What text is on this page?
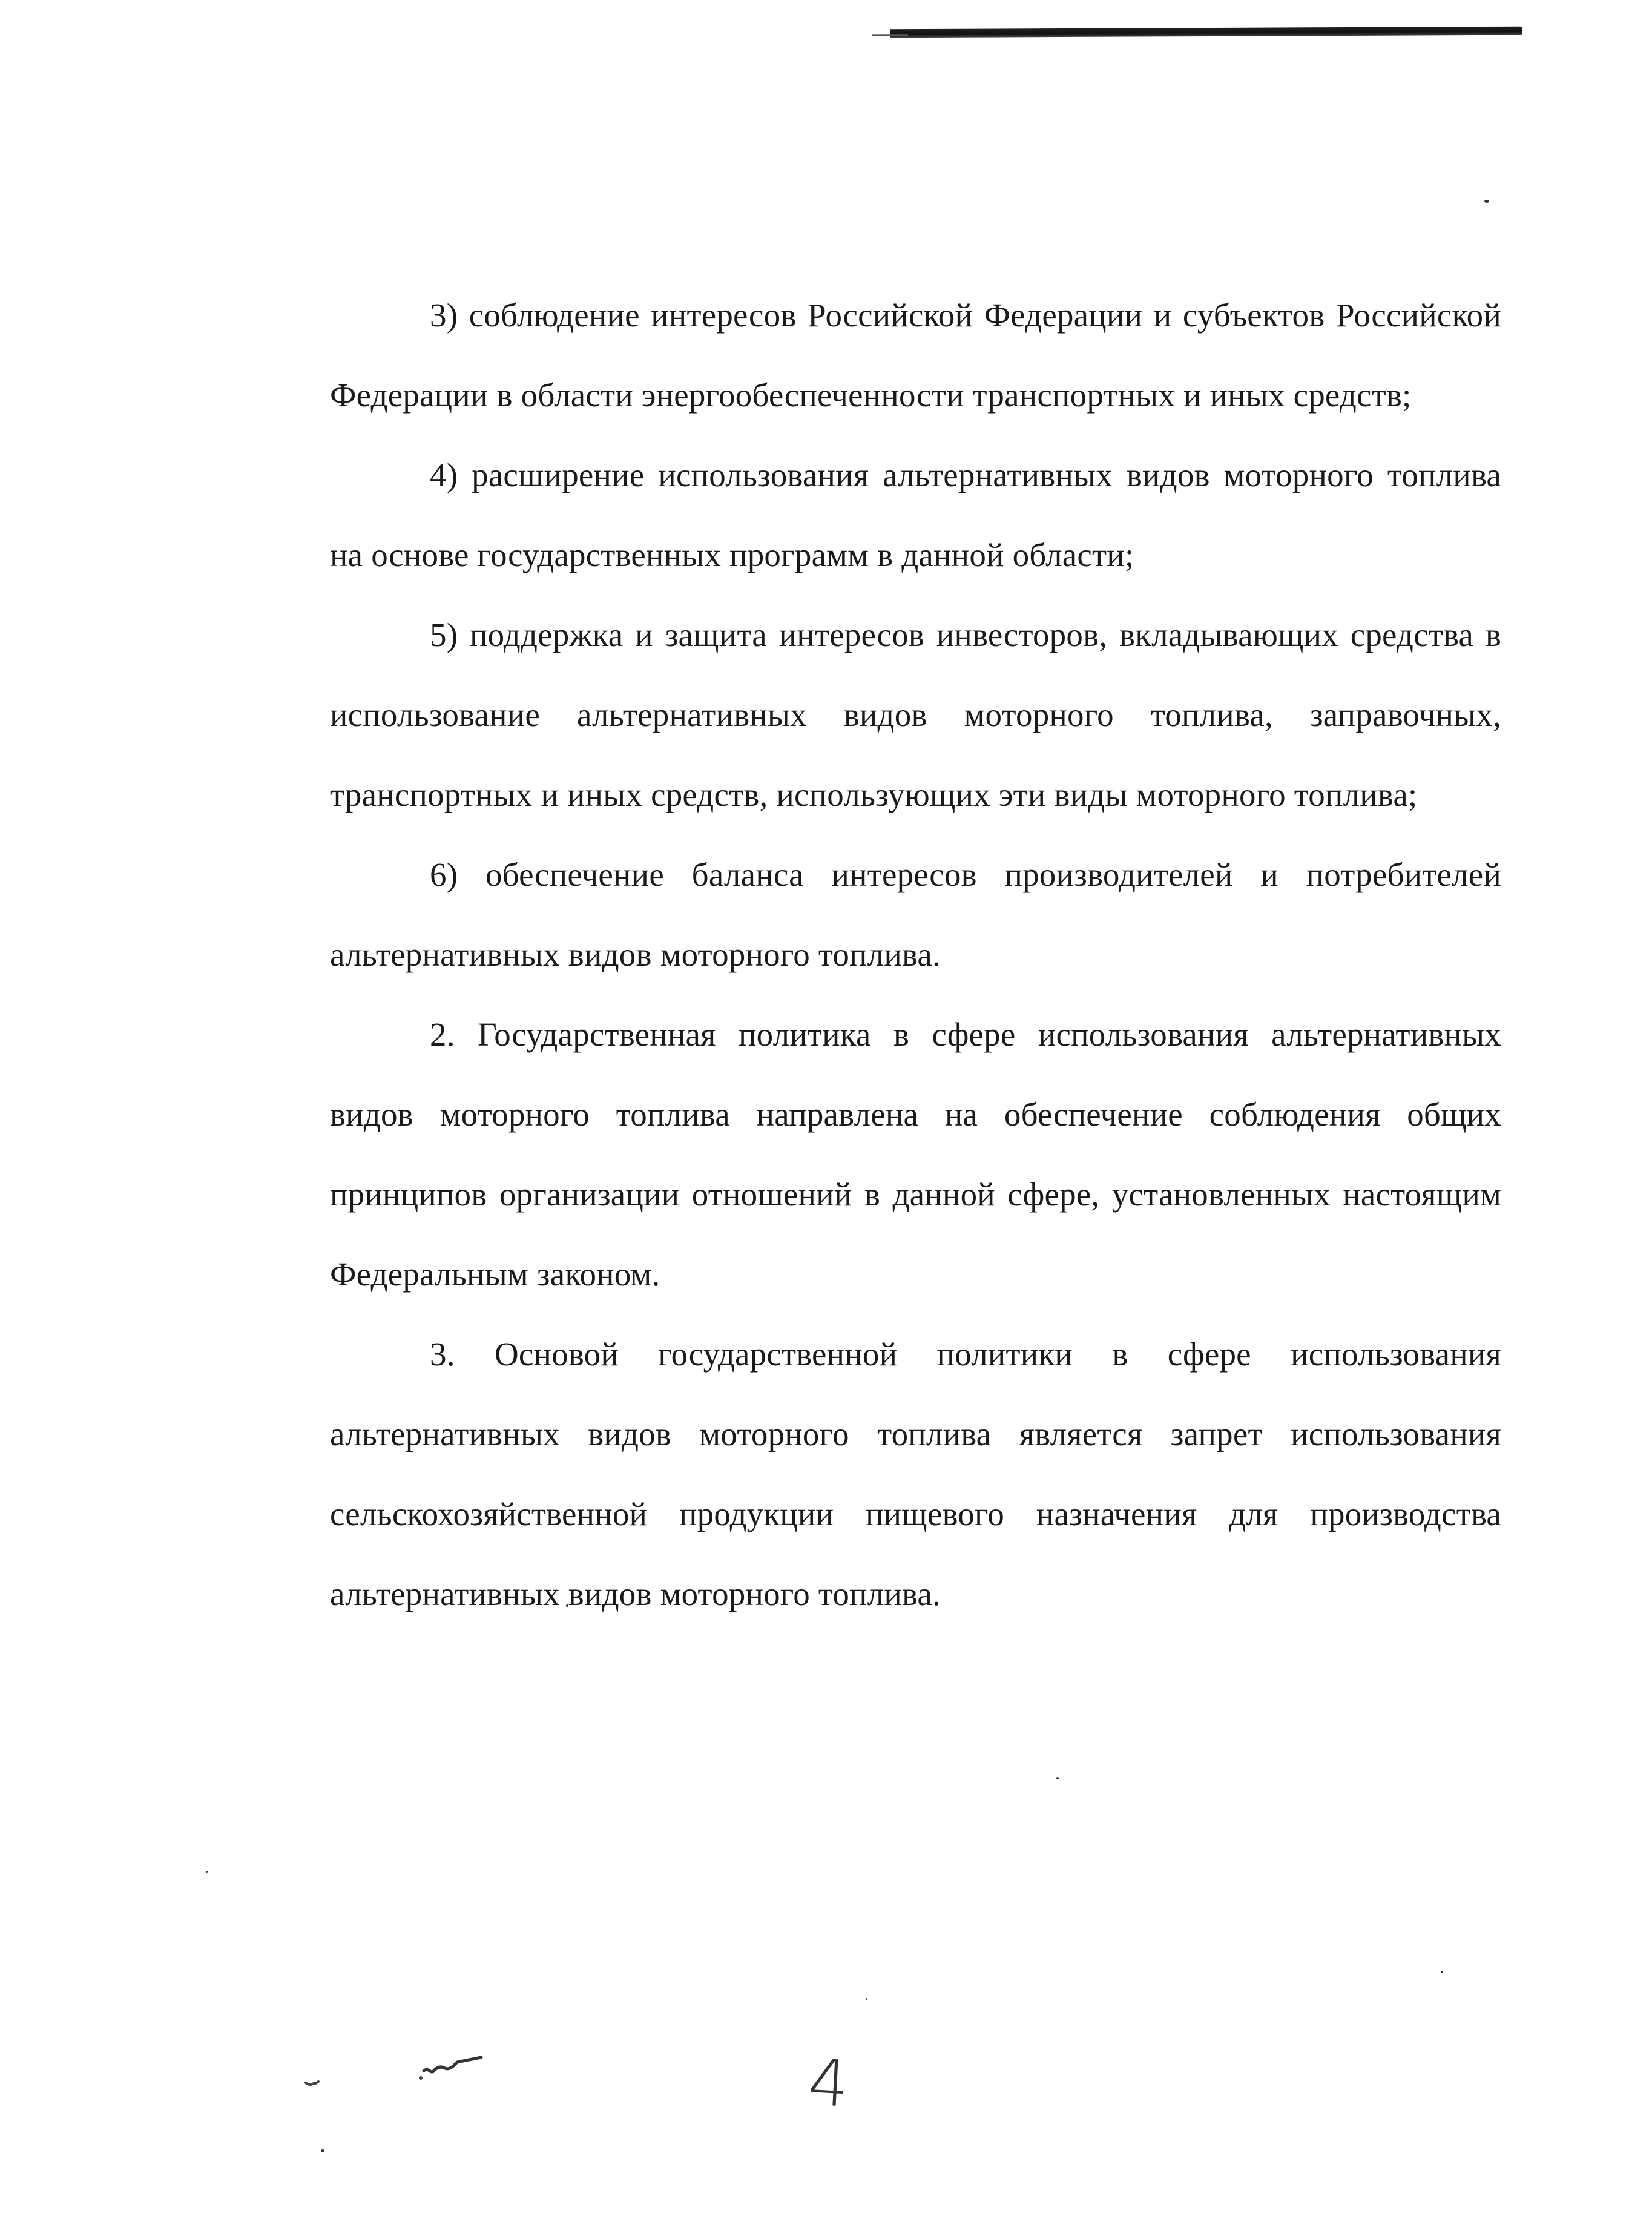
3) соблюдение интересов Российской Федерации и субъектов Российской Федерации в области энергообеспеченности транспортных и иных средств;

4) расширение использования альтернативных видов моторного топлива на основе государственных программ в данной области;

5) поддержка и защита интересов инвесторов, вкладывающих средства в использование альтернативных видов моторного топлива, заправочных, транспортных и иных средств, использующих эти виды моторного топлива;

6) обеспечение баланса интересов производителей и потребителей альтернативных видов моторного топлива.

2. Государственная политика в сфере использования альтернативных видов моторного топлива направлена на обеспечение соблюдения общих принципов организации отношений в данной сфере, установленных настоящим Федеральным законом.

3. Основой государственной политики в сфере использования альтернативных видов моторного топлива является запрет использования сельскохозяйственной продукции пищевого назначения для производства альтернативных видов моторного топлива.

4
